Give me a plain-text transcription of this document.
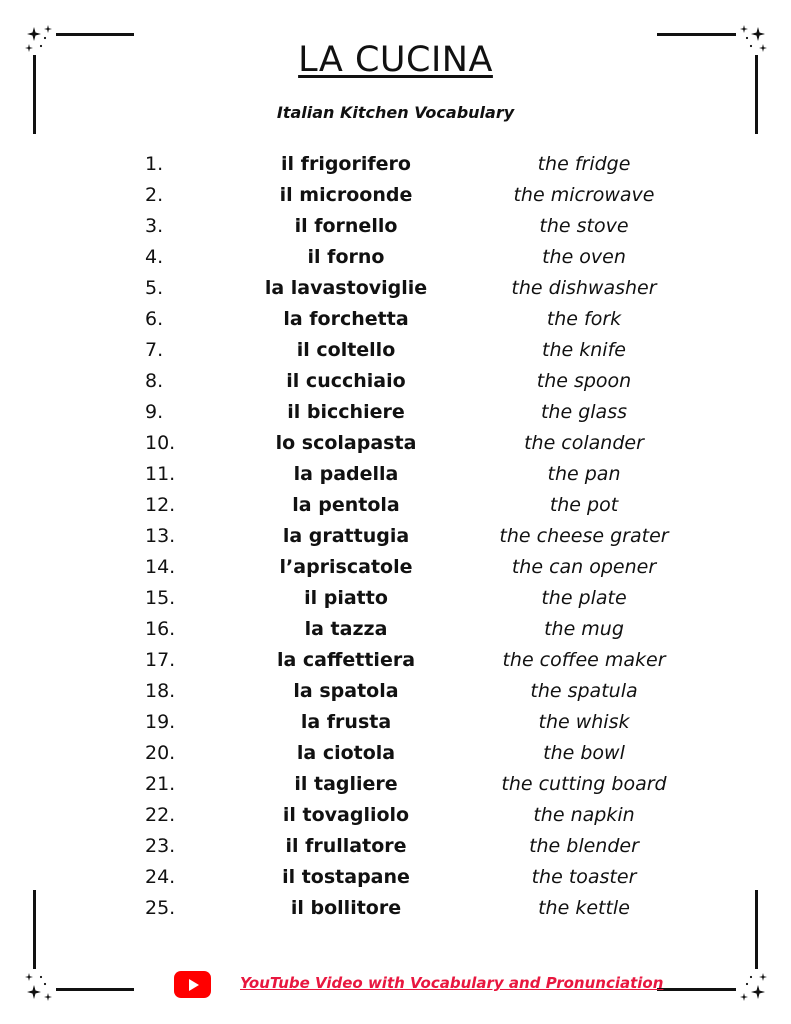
LA CUCINA
Italian Kitchen Vocabulary
1.	il frigorifero	the fridge
2.	il microonde	the microwave
3.	il fornello	the stove
4.	il forno	the oven
5.	la lavastoviglie	the dishwasher
6.	la forchetta	the fork
7.	il coltello	the knife
8.	il cucchiaio	the spoon
9.	il bicchiere	the glass
10.	lo scolapasta	the colander
11.	la padella	the pan
12.	la pentola	the pot
13.	la grattugia	the cheese grater
14.	l’apriscatole	the can opener
15.	il piatto	the plate
16.	la tazza	the mug
17.	la caffettiera	the coffee maker
18.	la spatola	the spatula
19.	la frusta	the whisk
20.	la ciotola	the bowl
21.	il tagliere	the cutting board
22.	il tovagliolo	the napkin
23.	il frullatore	the blender
24.	il tostapane	the toaster
25.	il bollitore	the kettle
YouTube Video with Vocabulary and Pronunciation
